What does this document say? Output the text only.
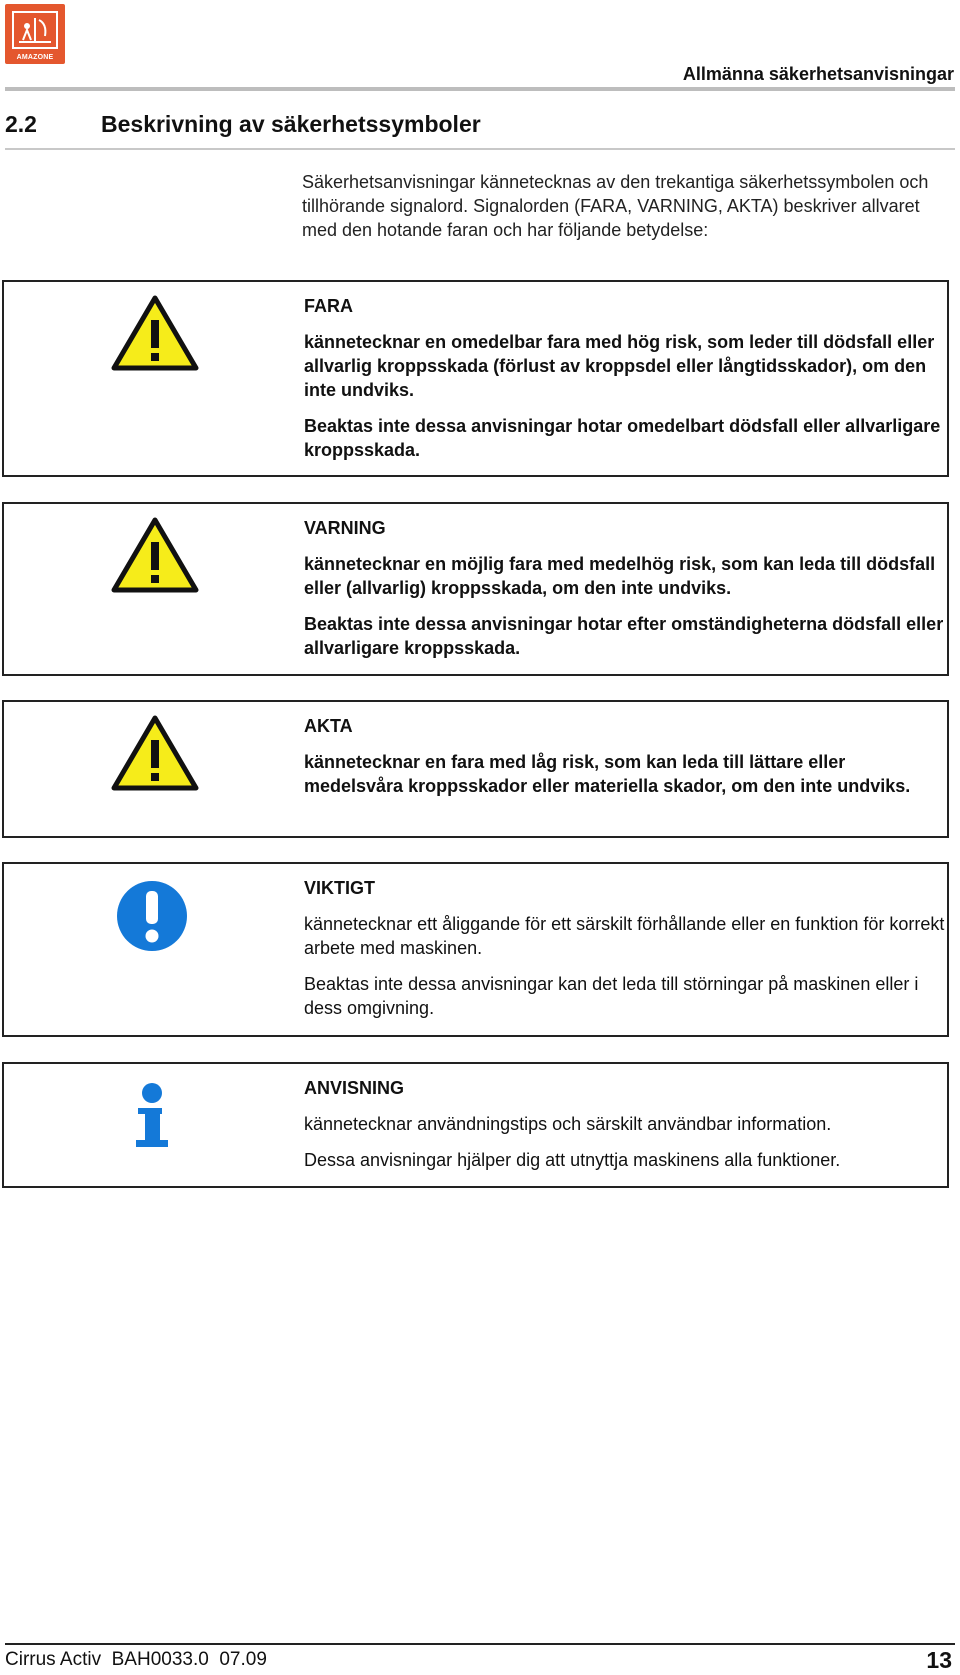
AMAZONE
Allmänna säkerhetsanvisningar
2.2	Beskrivning av säkerhetssymboler
Säkerhetsanvisningar kännetecknas av den trekantiga säkerhetssymbolen och tillhörande signalord. Signalorden (FARA, VARNING, AKTA) beskriver allvaret med den hotande faran och har följande betydelse:
FARA

kännetecknar en omedelbar fara med hög risk, som leder till dödsfall eller allvarlig kroppsskada (förlust av kroppsdel eller långtidsskador), om den inte undviks.

Beaktas inte dessa anvisningar hotar omedelbart dödsfall eller allvarligare kroppsskada.

VARNING

kännetecknar en möjlig fara med medelhög risk, som kan leda till dödsfall eller (allvarlig) kroppsskada, om den inte undviks.

Beaktas inte dessa anvisningar hotar efter omständigheterna dödsfall eller allvarligare kroppsskada.

AKTA

kännetecknar en fara med låg risk, som kan leda till lättare eller medelsvåra kroppsskador eller materiella skador, om den inte undviks.

VIKTIGT

kännetecknar ett åliggande för ett särskilt förhållande eller en funktion för korrekt arbete med maskinen.

Beaktas inte dessa anvisningar kan det leda till störningar på maskinen eller i dess omgivning.

ANVISNING

kännetecknar användningstips och särskilt användbar information.

Dessa anvisningar hjälper dig att utnyttja maskinens alla funktioner.

Cirrus Activ  BAH0033.0  07.09	13
